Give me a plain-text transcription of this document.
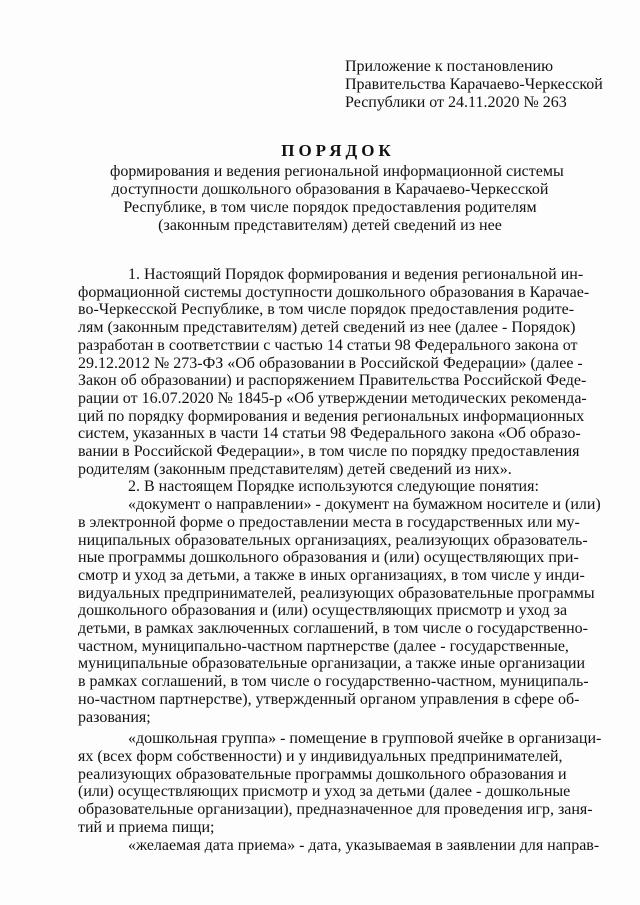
Приложение к постановлению
Правительства Карачаево-Черкесской
Республики от 24.11.2020 № 263
ПОРЯДОК
формирования и ведения региональной информационной системы
доступности дошкольного образования в Карачаево-Черкесской
Республике, в том числе порядок предоставления родителям
(законным представителям) детей сведений из нее
1. Настоящий Порядок формирования и ведения региональной ин-
формационной системы доступности дошкольного образования в Карачае-
во-Черкесской Республике, в том числе порядок предоставления родите-
лям (законным представителям) детей сведений из нее (далее - Порядок)
разработан в соответствии с частью 14 статьи 98 Федерального закона от
29.12.2012 № 273-ФЗ «Об образовании в Российской Федерации» (далее -
Закон об образовании) и распоряжением Правительства Российской Феде-
рации от 16.07.2020 № 1845-р «Об утверждении методических рекоменда-
ций по порядку формирования и ведения региональных информационных
систем, указанных в части 14 статьи 98 Федерального закона «Об образо-
вании в Российской Федерации», в том числе по порядку предоставления
родителям (законным представителям) детей сведений из них».
2. В настоящем Порядке используются следующие понятия:
«документ о направлении» - документ на бумажном носителе и (или)
в электронной форме о предоставлении места в государственных или му-
ниципальных образовательных организациях, реализующих образователь-
ные программы дошкольного образования и (или) осуществляющих при-
смотр и уход за детьми, а также в иных организациях, в том числе у инди-
видуальных предпринимателей, реализующих образовательные программы
дошкольного образования и (или) осуществляющих присмотр и уход за
детьми, в рамках заключенных соглашений, в том числе о государственно-
частном, муниципально-частном партнерстве (далее - государственные,
муниципальные образовательные организации, а также иные организации
в рамках соглашений, в том числе о государственно-частном, муниципаль-
но-частном партнерстве), утвержденный органом управления в сфере об-
разования;
«дошкольная группа» - помещение в групповой ячейке в организаци-
ях (всех форм собственности) и у индивидуальных предпринимателей,
реализующих образовательные программы дошкольного образования и
(или) осуществляющих присмотр и уход за детьми (далее - дошкольные
образовательные организации), предназначенное для проведения игр, заня-
тий и приема пищи;
«желаемая дата приема» - дата, указываемая в заявлении для направ-
